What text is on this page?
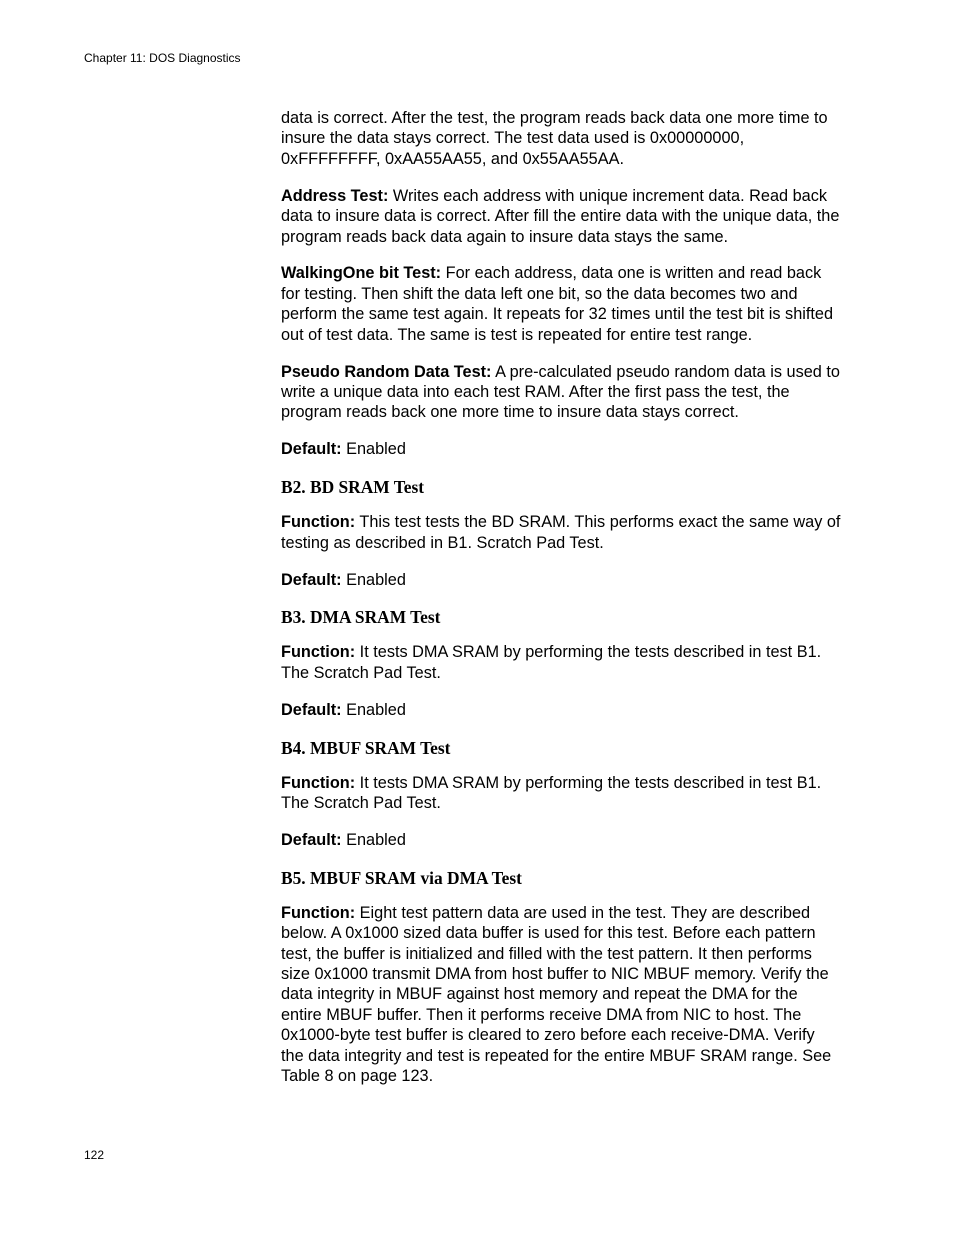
Chapter 11: DOS Diagnostics

data is correct. After the test, the program reads back data one more time to insure the data stays correct. The test data used is 0x00000000, 0xFFFFFFFF, 0xAA55AA55, and 0x55AA55AA.

Address Test: Writes each address with unique increment data. Read back data to insure data is correct. After fill the entire data with the unique data, the program reads back data again to insure data stays the same.

WalkingOne bit Test: For each address, data one is written and read back for testing. Then shift the data left one bit, so the data becomes two and perform the same test again. It repeats for 32 times until the test bit is shifted out of test data. The same is test is repeated for entire test range.

Pseudo Random Data Test: A pre-calculated pseudo random data is used to write a unique data into each test RAM. After the first pass the test, the program reads back one more time to insure data stays correct.

Default: Enabled

B2. BD SRAM Test

Function: This test tests the BD SRAM. This performs exact the same way of testing as described in B1. Scratch Pad Test.

Default: Enabled

B3. DMA SRAM Test

Function: It tests DMA SRAM by performing the tests described in test B1. The Scratch Pad Test.

Default: Enabled

B4. MBUF SRAM Test

Function: It tests DMA SRAM by performing the tests described in test B1. The Scratch Pad Test.

Default: Enabled

B5. MBUF SRAM via DMA Test

Function: Eight test pattern data are used in the test. They are described below. A 0x1000 sized data buffer is used for this test. Before each pattern test, the buffer is initialized and filled with the test pattern. It then performs size 0x1000 transmit DMA from host buffer to NIC MBUF memory. Verify the data integrity in MBUF against host memory and repeat the DMA for the entire MBUF buffer. Then it performs receive DMA from NIC to host. The 0x1000-byte test buffer is cleared to zero before each receive-DMA. Verify the data integrity and test is repeated for the entire MBUF SRAM range. See Table 8 on page 123.

122
